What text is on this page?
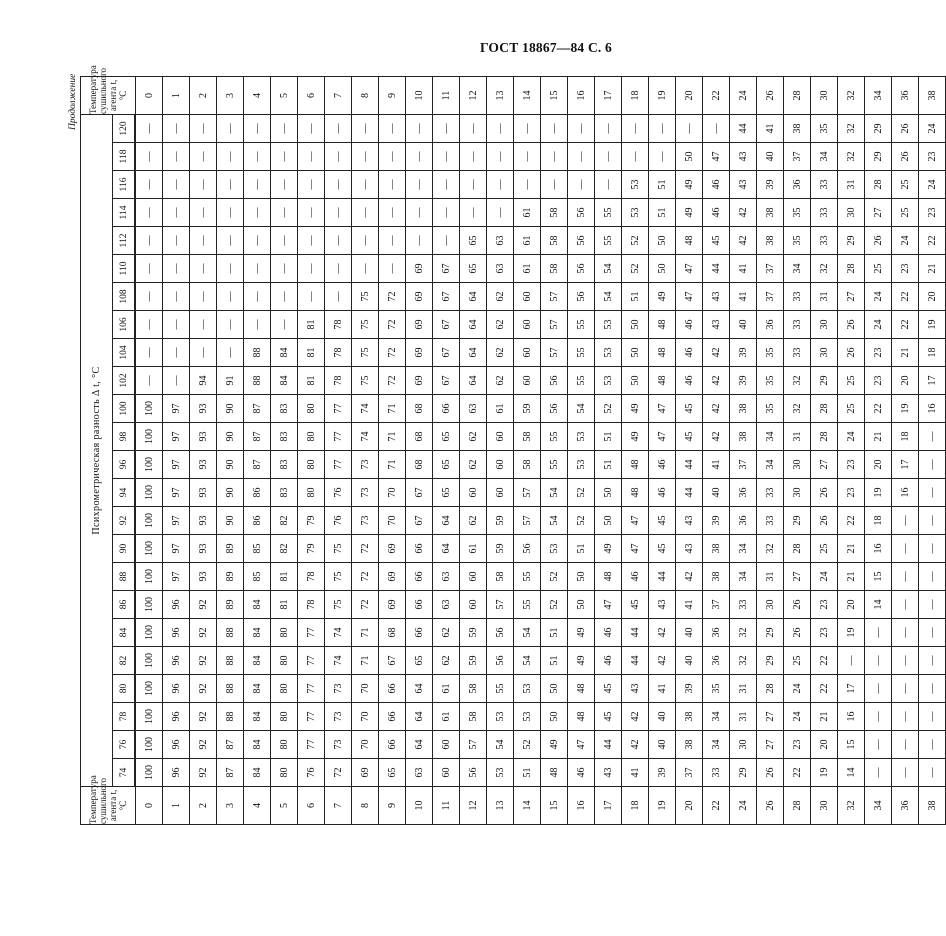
ГОСТ 18867—84 С. 6
Продолжение
Температура сушильного агента t, °С	Психрометрическая разность Δ t, °С																								Температура сушильного агента t, °С
	74	76	78	80	82	84	86	88	90	92	94	96	98	100	102	104	106	108	110	112	114	116	118	120	

0	100	100	100	100	100	100	100	100	100	100	100	100	100	100	—	—	—	—	—	—	—	—	—	—	0
1	96	96	96	96	96	96	96	97	97	97	97	97	97	97	—	—	—	—	—	—	—	—	—	—	1
2	92	92	92	92	92	92	92	93	93	93	93	93	93	93	94	—	—	—	—	—	—	—	—	—	2
3	87	87	88	88	88	88	89	89	89	90	90	90	90	90	91	—	—	—	—	—	—	—	—	—	3
4	84	84	84	84	84	84	84	85	85	86	86	87	87	87	88	88	—	—	—	—	—	—	—	—	4
5	80	80	80	80	80	80	81	81	82	82	83	83	83	83	84	84	—	—	—	—	—	—	—	—	5
6	76	77	77	77	77	77	78	78	79	79	80	80	80	80	81	81	81	—	—	—	—	—	—	—	6
7	72	73	73	73	74	74	75	75	75	76	76	77	77	77	78	78	78	—	—	—	—	—	—	—	7
8	69	70	70	70	71	71	72	72	72	73	73	73	74	74	75	75	75	75	—	—	—	—	—	—	8
9	65	66	66	66	67	68	69	69	69	70	70	71	71	71	72	72	72	72	—	—	—	—	—	—	9
10	63	64	64	64	65	66	66	66	66	67	67	68	68	68	69	69	69	69	69	—	—	—	—	—	10
11	60	60	61	61	62	62	63	63	64	64	65	65	65	66	67	67	67	67	67	—	—	—	—	—	11
12	56	57	58	58	59	59	60	60	61	62	60	62	62	63	64	64	64	64	65	65	—	—	—	—	12
13	53	54	53	55	56	56	57	58	59	59	60	60	60	61	62	62	62	62	63	63	—	—	—	—	13
14	51	52	53	53	54	54	55	55	56	57	57	58	58	59	60	60	60	60	61	61	61	—	—	—	14
15	48	49	50	50	51	51	52	52	53	54	54	55	55	56	56	57	57	57	58	58	58	—	—	—	15
16	46	47	48	48	49	49	50	50	51	52	52	53	53	54	55	55	55	56	56	56	56	—	—	—	16
17	43	44	45	45	46	46	47	48	49	50	50	51	51	52	53	53	53	54	54	55	55	—	—	—	17
18	41	42	42	43	44	44	45	46	47	47	48	48	49	49	50	50	50	51	52	52	53	53	—	—	18
19	39	40	40	41	42	42	43	44	45	45	46	46	47	47	48	48	48	49	50	50	51	51	—	—	19
20	37	38	38	39	40	40	41	42	43	43	44	44	45	45	46	46	46	47	47	48	49	49	50	—	20
22	33	34	34	35	36	36	37	38	38	39	40	41	42	42	42	42	43	43	44	45	46	46	47	—	22
24	29	30	31	31	32	32	33	34	34	36	36	37	38	38	39	39	40	41	41	42	42	43	43	44	24
26	26	27	27	28	29	29	30	31	32	33	33	34	34	35	35	35	36	37	37	38	38	39	40	41	26
28	22	23	24	24	25	26	26	27	28	29	30	30	31	32	32	33	33	33	34	35	35	36	37	38	28
30	19	20	21	22	22	23	23	24	25	26	26	27	28	28	29	30	30	31	32	33	33	33	34	35	30
32	14	15	16	17	—	19	20	21	21	22	23	23	24	25	25	26	26	27	28	29	30	31	32	32	32
34	—	—	—	—	—	—	14	15	16	18	19	20	21	22	23	23	24	24	25	26	27	28	29	29	34
36	—	—	—	—	—	—	—	—	—	—	16	17	18	19	20	21	22	22	23	24	25	25	26	26	36
38	—	—	—	—	—	—	—	—	—	—	—	—	—	16	17	18	19	20	21	22	23	24	23	24	38
